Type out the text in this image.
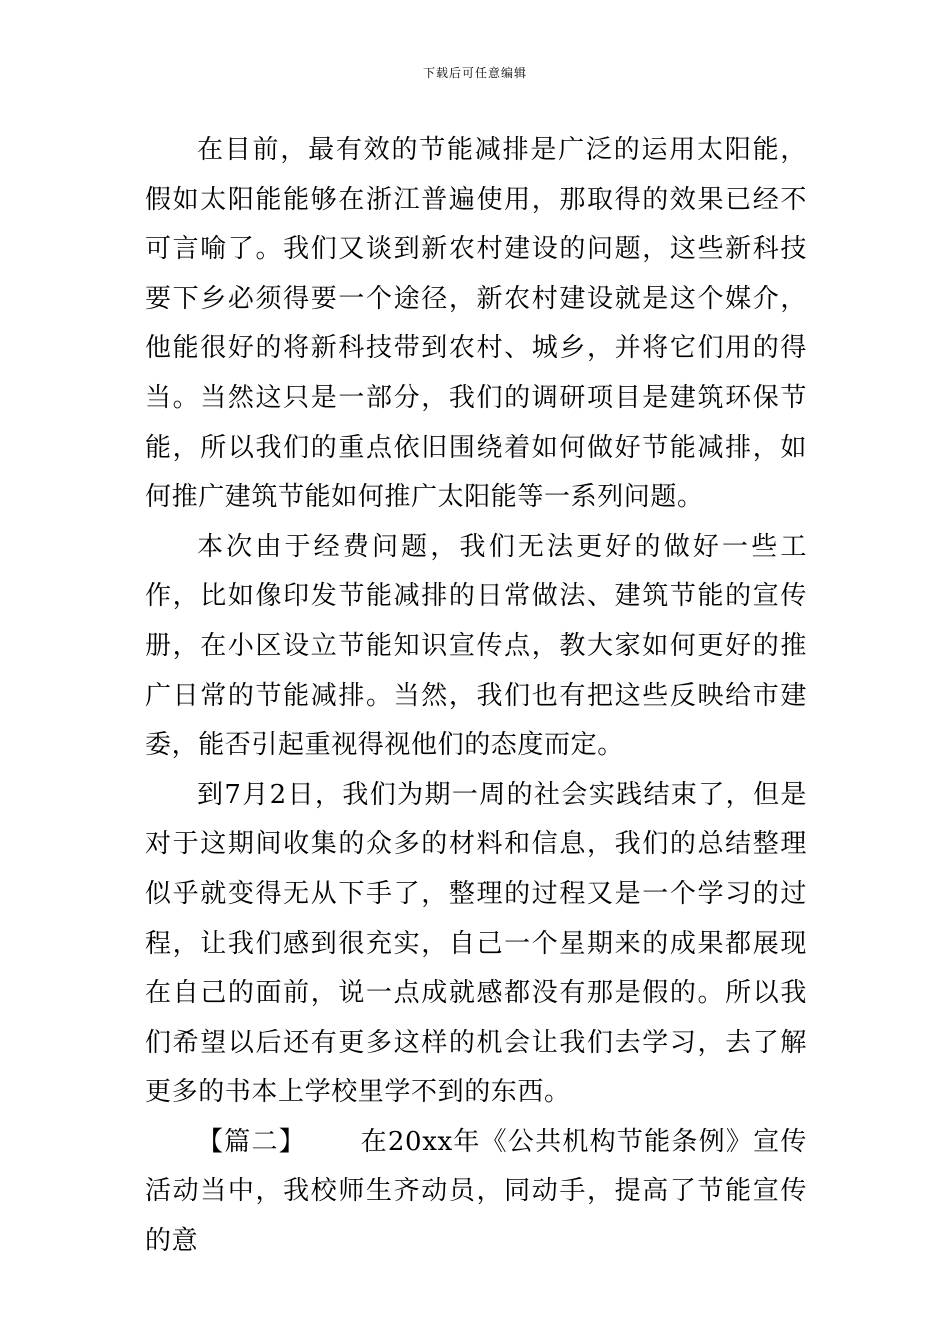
下载后可任意编辑

在目前，最有效的节能减排是广泛的运用太阳能，假如太阳能能够在浙江普遍使用，那取得的效果已经不可言喻了。我们又谈到新农村建设的问题，这些新科技要下乡必须得要一个途径，新农村建设就是这个媒介，他能很好的将新科技带到农村、城乡，并将它们用的得当。当然这只是一部分，我们的调研项目是建筑环保节能，所以我们的重点依旧围绕着如何做好节能减排，如何推广建筑节能如何推广太阳能等一系列问题。

本次由于经费问题，我们无法更好的做好一些工作，比如像印发节能减排的日常做法、建筑节能的宣传册，在小区设立节能知识宣传点，教大家如何更好的推广日常的节能减排。当然，我们也有把这些反映给市建委，能否引起重视得视他们的态度而定。

到7月2日，我们为期一周的社会实践结束了，但是对于这期间收集的众多的材料和信息，我们的总结整理似乎就变得无从下手了，整理的过程又是一个学习的过程，让我们感到很充实，自己一个星期来的成果都展现在自己的面前，说一点成就感都没有那是假的。所以我们希望以后还有更多这样的机会让我们去学习，去了解更多的书本上学校里学不到的东西。

【篇二】 在20xx年《公共机构节能条例》宣传活动当中，我校师生齐动员，同动手，提高了节能宣传的意
